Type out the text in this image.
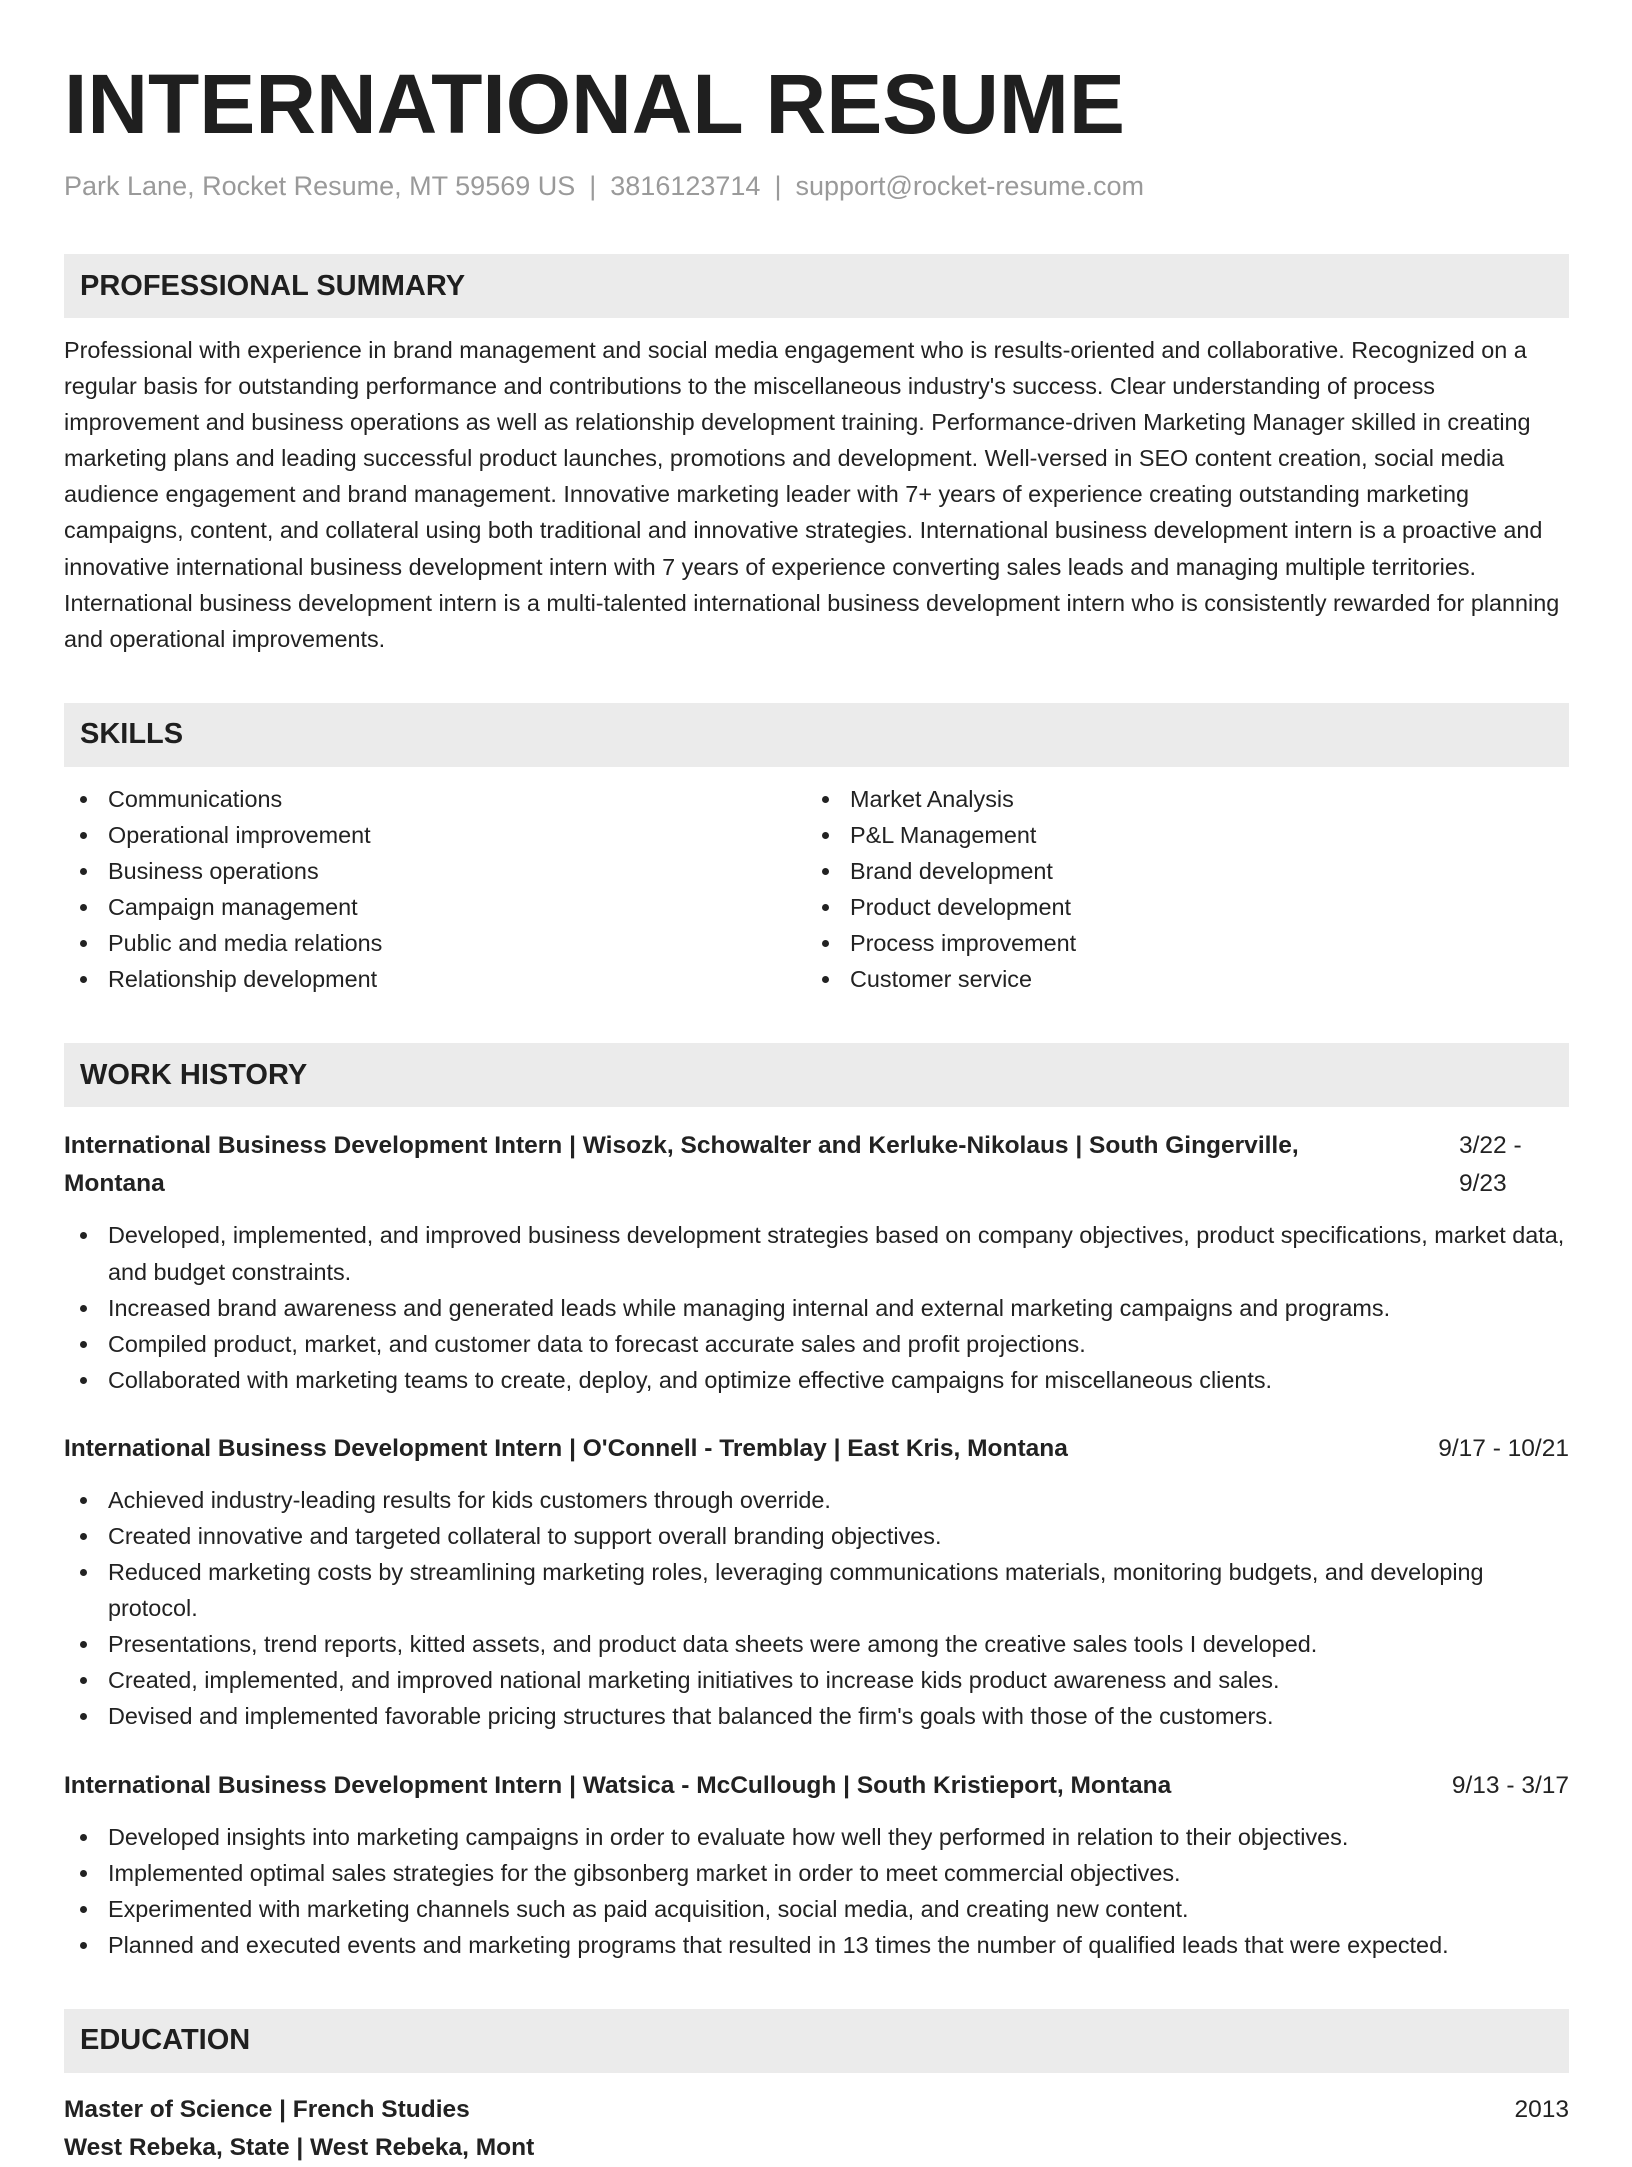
INTERNATIONAL RESUME
Park Lane, Rocket Resume, MT 59569 US | 3816123714 | support@rocket-resume.com
PROFESSIONAL SUMMARY
Professional with experience in brand management and social media engagement who is results-oriented and collaborative. Recognized on a regular basis for outstanding performance and contributions to the miscellaneous industry's success. Clear understanding of process improvement and business operations as well as relationship development training. Performance-driven Marketing Manager skilled in creating marketing plans and leading successful product launches, promotions and development. Well-versed in SEO content creation, social media audience engagement and brand management. Innovative marketing leader with 7+ years of experience creating outstanding marketing campaigns, content, and collateral using both traditional and innovative strategies. International business development intern is a proactive and innovative international business development intern with 7 years of experience converting sales leads and managing multiple territories. International business development intern is a multi-talented international business development intern who is consistently rewarded for planning and operational improvements.
SKILLS
Communications
Operational improvement
Business operations
Campaign management
Public and media relations
Relationship development
Market Analysis
P&L Management
Brand development
Product development
Process improvement
Customer service
WORK HISTORY
International Business Development Intern | Wisozk, Schowalter and Kerluke-Nikolaus | South Gingerville, Montana
3/22 - 9/23
Developed, implemented, and improved business development strategies based on company objectives, product specifications, market data, and budget constraints.
Increased brand awareness and generated leads while managing internal and external marketing campaigns and programs.
Compiled product, market, and customer data to forecast accurate sales and profit projections.
Collaborated with marketing teams to create, deploy, and optimize effective campaigns for miscellaneous clients.
International Business Development Intern | O'Connell - Tremblay | East Kris, Montana	9/17 - 10/21
Achieved industry-leading results for kids customers through override.
Created innovative and targeted collateral to support overall branding objectives.
Reduced marketing costs by streamlining marketing roles, leveraging communications materials, monitoring budgets, and developing protocol.
Presentations, trend reports, kitted assets, and product data sheets were among the creative sales tools I developed.
Created, implemented, and improved national marketing initiatives to increase kids product awareness and sales.
Devised and implemented favorable pricing structures that balanced the firm's goals with those of the customers.
International Business Development Intern | Watsica - McCullough | South Kristieport, Montana	9/13 - 3/17
Developed insights into marketing campaigns in order to evaluate how well they performed in relation to their objectives.
Implemented optimal sales strategies for the gibsonberg market in order to meet commercial objectives.
Experimented with marketing channels such as paid acquisition, social media, and creating new content.
Planned and executed events and marketing programs that resulted in 13 times the number of qualified leads that were expected.
EDUCATION
Master of Science | French Studies	2013
West Rebeka, State | West Rebeka, Mont
